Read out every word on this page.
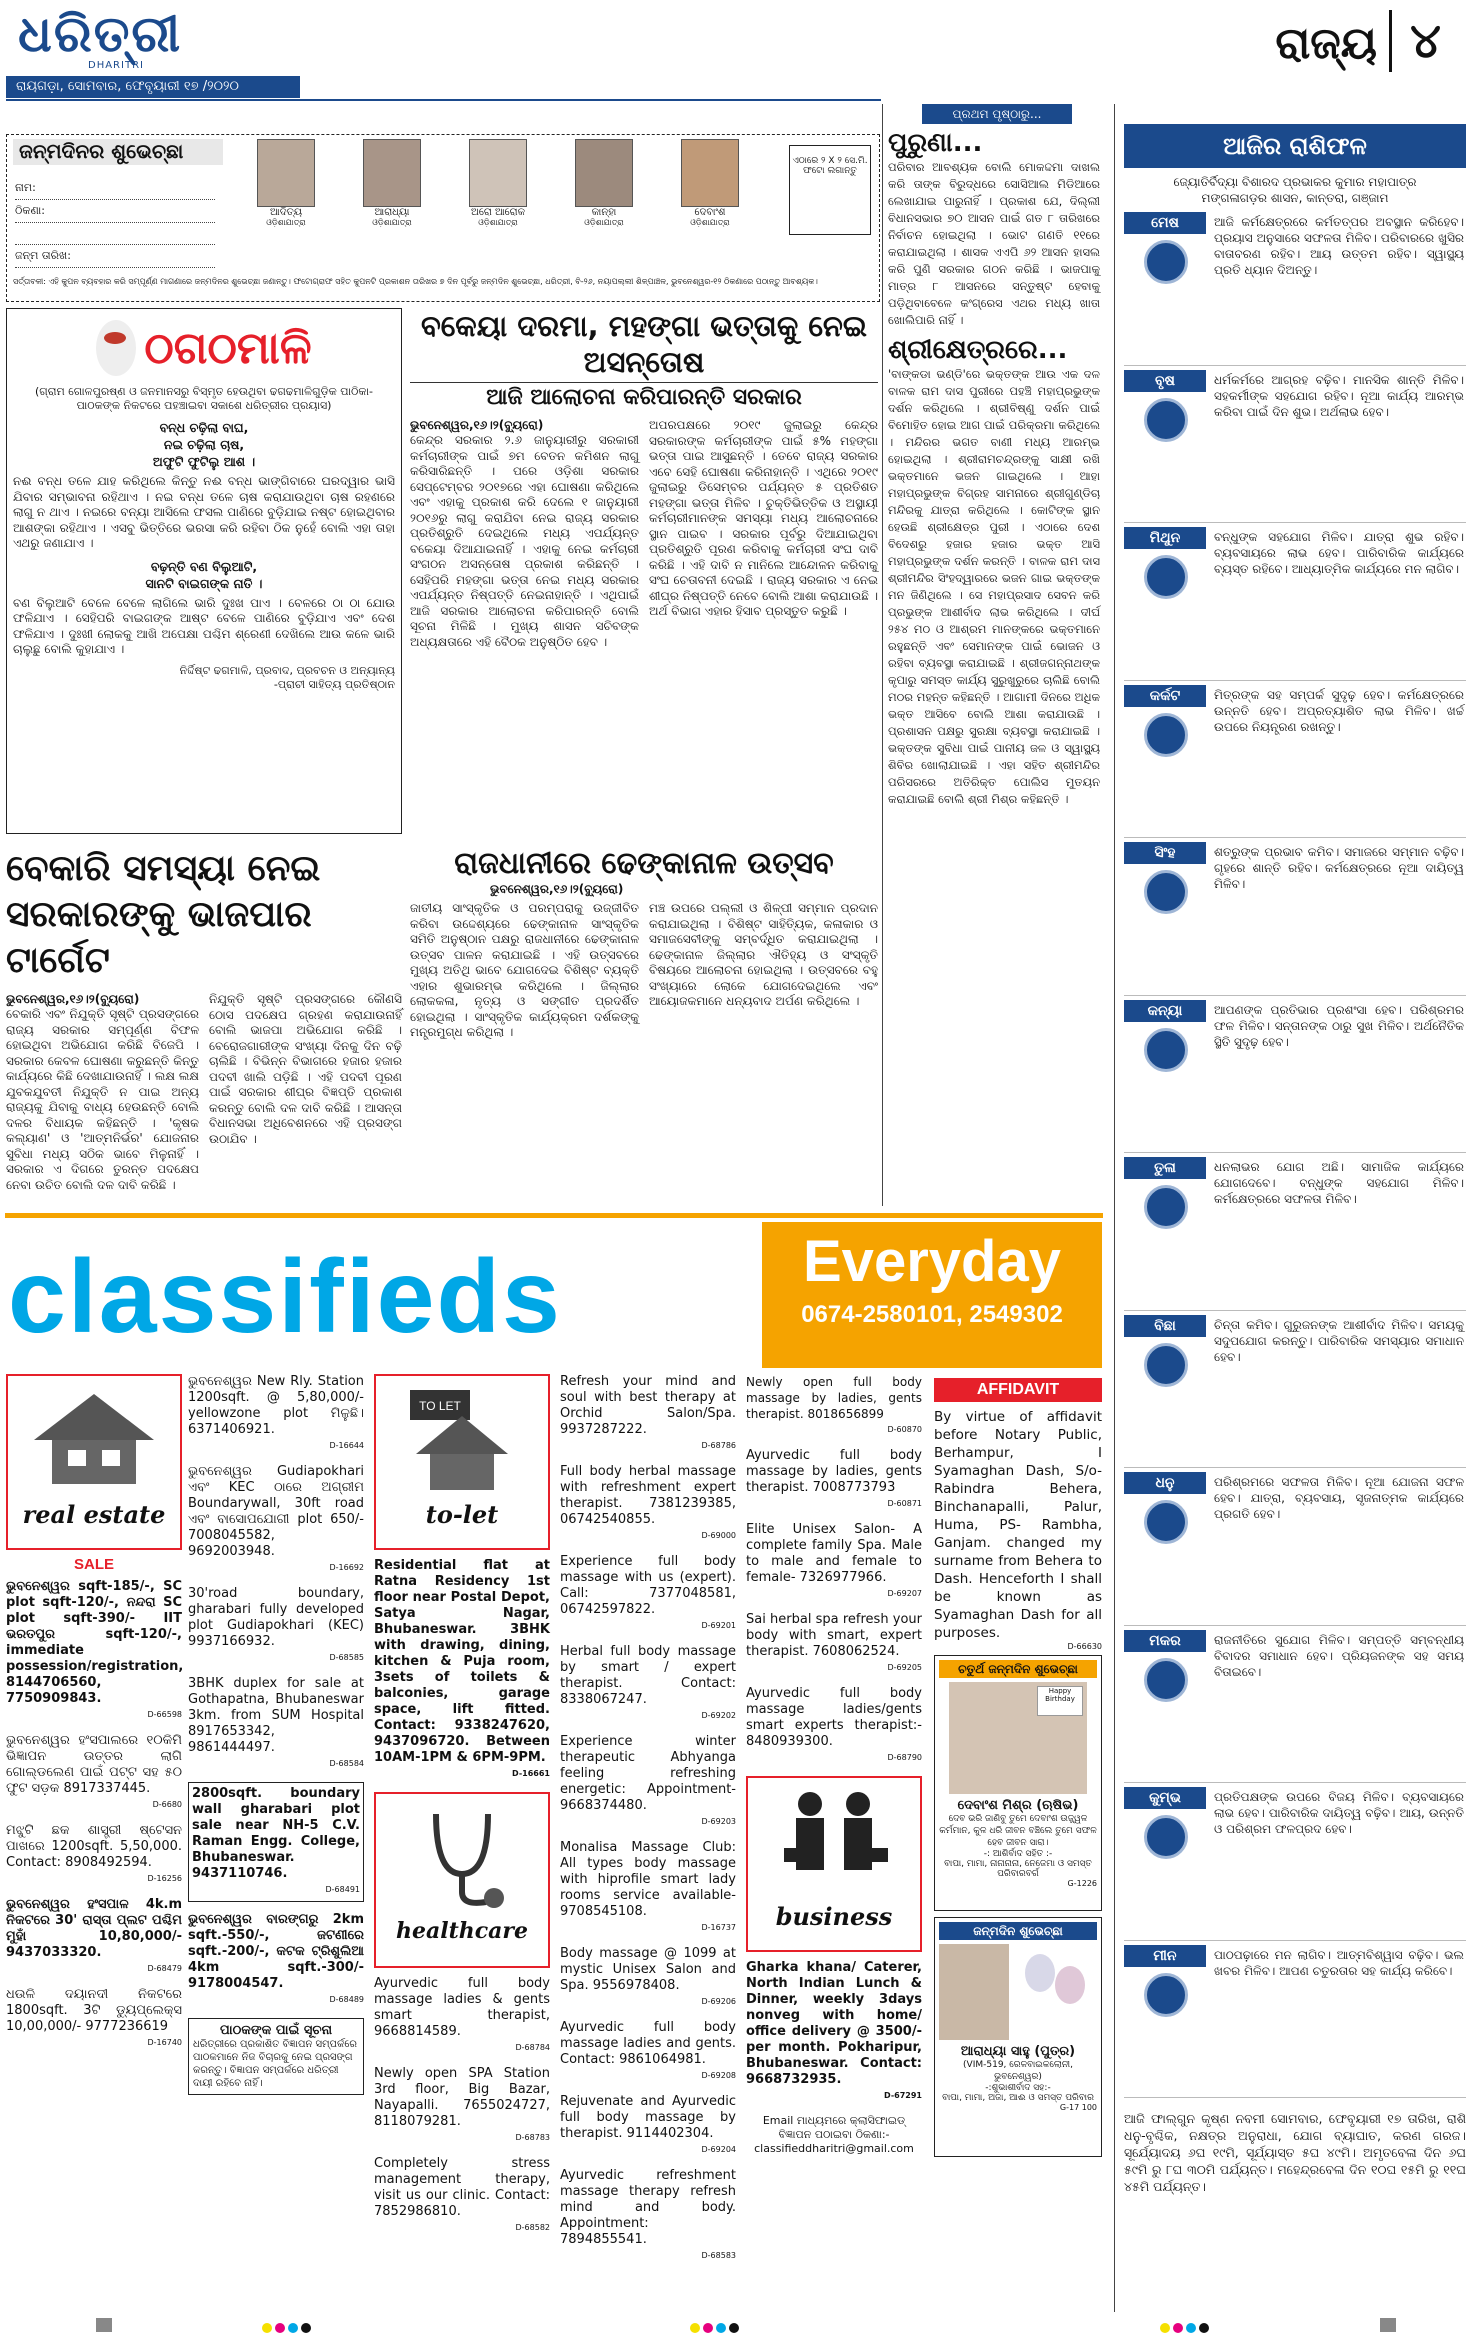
ଧରିତ୍ରୀ
DHARITRI
ରାୟଗଡ଼ା, ସୋମବାର, ଫେବୃୟାରୀ ୧୭ /୨୦୨୦
ରାଜ୍ୟ ୪
ଜନ୍ମଦିନର ଶୁଭେଚ୍ଛା
ନାମ:
ଠିକଣା:
ଜନ୍ମ ତାରିଖ:
ଆଦିତ୍ୟ
ଓଡ଼ିଶାଯାତ୍ରା
ଆରାଧ୍ୟା
ଓଡ଼ିଶାଯାତ୍ରା
ଅରୋ ଆରୋକ
ଓଡ଼ିଶାଯାତ୍ରା
କାନ୍ହା
ଓଡ଼ିଶାଯାତ୍ରା
ଦେବାଂଶ
ଓଡ଼ିଶାଯାତ୍ରା
ଏଠାରେ ୨ X ୨ ସେ.ମି. ଫଟୋ ଲଗାନ୍ତୁ
ସର୍ତ୍ତାବଳୀ: ଏହି କୁପନ ବ୍ୟବହାର କରି ସମ୍ପୂର୍ଣ୍ଣ ମାଗଣାରେ ଜନ୍ମଦିନର ଶୁଭେଚ୍ଛା ଜଣାନ୍ତୁ। ଫଟୋଗ୍ରାଫ ସହିତ କୁପନଟି ପ୍ରକାଶନ ତାରିଖର ୭ ଦିନ ପୂର୍ବରୁ ଜନ୍ମଦିନ ଶୁଭେଚ୍ଛା, ଧରିତ୍ରୀ, ବି-୨୬, ନୟାପଲ୍ଲୀ ଶିଳ୍ପାଞ୍ଚଳ, ଭୁବନେଶ୍ୱର-୧୨ ଠିକଣାରେ ପଠାନ୍ତୁ ଆବଶ୍ୟକ।
ପ୍ରଥମ ପୃଷ୍ଠାରୁ...
ପୁରୁଣା...
ପରିବାର ଆବଶ୍ୟକ ବୋଲି ମୋକଦ୍ଦମା ଦାଖଲ କରି ତାଙ୍କ ବିରୁଦ୍ଧରେ ସୋସିଆଲ ମିଡିଆରେ ଲେଖାଯାଇ ପାରୁନାହିଁ । ପ୍ରକାଶ ଯେ, ଦିଲ୍ଲୀ ବିଧାନସଭାର ୭୦ ଆସନ ପାଇଁ ଗତ ୮ ତାରିଖରେ ନିର୍ବାଚନ ହୋଇଥିଲା । ଭୋଟ ଗଣତି ୧୧ରେ କରାଯାଇଥିଲା । ଶାସକ ଏଏପି ୬୨ ଆସନ ହାସଲ କରି ପୁଣି ସରକାର ଗଠନ କରିଛି । ଭାଜପାକୁ ମାତ୍ର ୮ ଆସନରେ ସନ୍ତୁଷ୍ଟ ହେବାକୁ ପଡ଼ିଥିବାବେଳେ କଂଗ୍ରେସ ଏଥର ମଧ୍ୟ ଖାତା ଖୋଲିପାରି ନାହିଁ ।
ଶ୍ରୀକ୍ଷେତ୍ରରେ...
'ବାଙ୍କଡା ଭଣ୍ଡି'ରେ ଭକ୍ତଙ୍କ ଆଉ ଏକ ଦଳ ବାଳକ ରାମ ଦାସ ପୁରୀରେ ପହଞ୍ଚି ମହାପ୍ରଭୁଙ୍କ ଦର୍ଶନ କରିଥିଲେ । ଶ୍ରୀବିଷ୍ଣୁ ଦର୍ଶନ ପାଇଁ ବିମୋହିତ ହୋଇ ଆଗ ପାଇଁ ପରିକ୍ରମା କରିଥିଲେ । ମନ୍ଦିରର ଭଗତ ବାଣୀ ମଧ୍ୟ ଆରମ୍ଭ ହୋଇଥିଲା । ଶ୍ରୀରାମଚନ୍ଦ୍ରଙ୍କୁ ସାକ୍ଷୀ ରଖି ଭକ୍ତମାନେ ଭଜନ ଗାଇଥିଲେ । ଆହା ମହାପ୍ରଭୁଙ୍କ ବିଗ୍ରହ ସାମନାରେ ଶ୍ରୀଗୁଣ୍ଡିଚା ମନ୍ଦିରକୁ ଯାତ୍ରା କରିଥିଲେ । କୋଟିଙ୍କ ସ୍ଥାନ ହେଉଛି ଶ୍ରୀକ୍ଷେତ୍ର ପୁରୀ । ଏଠାରେ ଦେଶ ବିଦେଶରୁ ହଜାର ହଜାର ଭକ୍ତ ଆସି ମହାପ୍ରଭୁଙ୍କ ଦର୍ଶନ କରନ୍ତି । ବାଳକ ରାମ ଦାସ ଶ୍ରୀମନ୍ଦିର ସିଂହଦ୍ୱାରରେ ଭଜନ ଗାଇ ଭକ୍ତଙ୍କ ମନ ଜିଣିଥିଲେ । ସେ ମହାପ୍ରସାଦ ସେବନ କରି ପ୍ରଭୁଙ୍କ ଆଶୀର୍ବାଦ ଲାଭ କରିଥିଲେ । ଦୀର୍ଘ ୨୫୪ ମଠ ଓ ଆଶ୍ରମ ମାନଙ୍କରେ ଭକ୍ତମାନେ ରହୁଛନ୍ତି ଏବଂ ସେମାନଙ୍କ ପାଇଁ ଭୋଜନ ଓ ରହିବା ବ୍ୟବସ୍ଥା କରାଯାଇଛି । ଶ୍ରୀଜଗନ୍ନାଥଙ୍କ କୃପାରୁ ସମସ୍ତ କାର୍ଯ୍ୟ ସୁରୁଖୁରୁରେ ଚାଲିଛି ବୋଲି ମଠର ମହନ୍ତ କହିଛନ୍ତି । ଆଗାମୀ ଦିନରେ ଅଧିକ ଭକ୍ତ ଆସିବେ ବୋଲି ଆଶା କରାଯାଉଛି । ପ୍ରଶାସନ ପକ୍ଷରୁ ସୁରକ୍ଷା ବ୍ୟବସ୍ଥା କରାଯାଇଛି । ଭକ୍ତଙ୍କ ସୁବିଧା ପାଇଁ ପାନୀୟ ଜଳ ଓ ସ୍ୱାସ୍ଥ୍ୟ ଶିବିର ଖୋଲାଯାଇଛି । ଏହା ସହିତ ଶ୍ରୀମନ୍ଦିର ପରିସରରେ ଅତିରିକ୍ତ ପୋଲିସ ମୁତୟନ କରାଯାଇଛି ବୋଲି ଶ୍ରୀ ମିଶ୍ର କହିଛନ୍ତି ।
ଠଗଠମାଳି
(ଗ୍ରାମ ଗୋଳପୁରଷ୍ଣ ଓ ଜନମାନସରୁ ବିସ୍ମୃତ ହେଉଥିବା ଢଗଢମାଳିଗୁଡ଼ିକ ପାଠିକା-ପାଠକଙ୍କ ନିକଟରେ ପହଞ୍ଚାଇବା ସକାଶେ ଧରିତ୍ରୀର ପ୍ରୟାସ)
ବନ୍ଧ ଚଢ଼ିଲା ବାଘ,
ନଇ ଚଢ଼ିଲା ଚାଷ,
ଅଫୁଟି ଫୁଟିଲୁ ଆଶ ।
ନଈ ବନ୍ଧ ତଳେ ଯାହ କରିଥିଲେ କିନ୍ତୁ ନଈ ବନ୍ଧ ଭାଙ୍ଗିବାରେ ଘରଦ୍ୱାର ଭାସି ଯିବାର ସମ୍ଭାବନା ରହିଥାଏ । ନଇ ବନ୍ଧ ତଳେ ଚାଷ କରାଯାଉଥିବା ଚାଷ ରହଣରେ ଲାଗୁ ନ ଥାଏ । ନଇରେ ବନ୍ୟା ଆସିଲେ ଫସଲ ପାଣିରେ ବୁଡ଼ିଯାଇ ନଷ୍ଟ ହୋଇଥିବାର ଆଶଙ୍କା ରହିଥାଏ । ଏସବୁ ଭିତ୍ତିରେ ଭରସା କରି ରହିବା ଠିକ ନୁହେଁ ବୋଲି ଏହା ତାହା ଏଥରୁ ଜଣାଯାଏ ।
ବଢ଼ନ୍ତି ବଣ ବିଲୁଆଟି,
ସାନଟି ବାଇଗଙ୍କ ନାତି ।
ବଣ ବିଲୁଆଟି ବେଳେ ବେଳେ ଲାଗିଲେ ଭାରି ଦୁଃଖ ପାଏ । ବେଳରେ ଠା ଠା ଯୋଉ ଫଳିଯାଏ । ସେହିପରି ବାଇଗଙ୍କ ଆଷ୍ଟ ବେଳେ ପାଣିରେ ବୁଡ଼ିଯାଏ ଏବଂ ଦେଶ ଫଳିଯାଏ । ଦୁଃଖୀ ଲୋକକୁ ଆଖି ଅପେକ୍ଷା ପଶ୍ଚିମ ଶ୍ରେଣୀ ଦେଖିଲେ ଆଉ କଳେ ଭାରି ଚାଲୁଛୁ ବୋଲି କୁହାଯାଏ ।
ନିର୍ଦ୍ଦିଷ୍ଟ ଢଗମାଳି, ପ୍ରବାଦ, ପ୍ରବଚନ ଓ ଅନ୍ୟାନ୍ୟ
-ପ୍ରାଚୀ ସାହିତ୍ୟ ପ୍ରତିଷ୍ଠାନ
ବକେୟା ଦରମା, ମହଙ୍ଗା ଭତ୍ତାକୁ ନେଇ ଅସନ୍ତୋଷ
ଆଜି ଆଲୋଚନା କରିପାରନ୍ତି ସରକାର
ଭୁବନେଶ୍ୱର,୧୬।୨(ବ୍ୟୁରୋ)
କେନ୍ଦ୍ର ସରକାର ୨.୬ ଜାନୁୟାରୀରୁ ସରକାରୀ କର୍ମଚାରୀଙ୍କ ପାଇଁ ୭ମ ବେତନ କମିଶନ ଲାଗୁ କରିସାରିଛନ୍ତି । ପରେ ଓଡ଼ିଶା ସରକାର ସେପ୍ଟେମ୍ବର ୨୦୧୭ରେ ଏହା ଘୋଷଣା କରିଥିଲେ ଏବଂ ଏହାକୁ ପ୍ରକାଶ କରି ଦେଲେ ୧ ଜାନୁୟାରୀ ୨୦୧୬ରୁ ଲାଗୁ କରାଯିବା ନେଇ ରାଜ୍ୟ ସରକାର ପ୍ରତିଶ୍ରୁତି ଦେଇଥିଲେ ମଧ୍ୟ ଏପର୍ଯ୍ୟନ୍ତ ବକେୟା ଦିଆଯାଇନାହିଁ । ଏହାକୁ ନେଇ କର୍ମଚାରୀ ସଂଗଠନ ଅସନ୍ତୋଷ ପ୍ରକାଶ କରିଛନ୍ତି । ସେହିପରି ମହଙ୍ଗା ଭତ୍ତା ନେଇ ମଧ୍ୟ ସରକାର ଏପର୍ଯ୍ୟନ୍ତ ନିଷ୍ପତ୍ତି ନେଇନାହାନ୍ତି । ଏଥିପାଇଁ ଆଜି ସରକାର ଆଲୋଚନା କରିପାରନ୍ତି ବୋଲି ସୂଚନା ମିଳିଛି । ମୁଖ୍ୟ ଶାସନ ସଚିବଙ୍କ ଅଧ୍ୟକ୍ଷତାରେ ଏହି ବୈଠକ ଅନୁଷ୍ଠିତ ହେବ ।
ଅପରପକ୍ଷରେ ୨୦୧୯ ଜୁଲାଇରୁ କେନ୍ଦ୍ର ସରକାରଙ୍କ କର୍ମଚାରୀଙ୍କ ପାଇଁ ୫% ମହଙ୍ଗା ଭତ୍ତା ପାଇ ଆସୁଛନ୍ତି । ତେବେ ରାଜ୍ୟ ସରକାର ଏବେ ସେହି ଘୋଷଣା କରିନାହାନ୍ତି । ଏଥିରେ ୨୦୧୯ ଜୁଲାଇରୁ ଡିସେମ୍ବର ପର୍ଯ୍ୟନ୍ତ ୫ ପ୍ରତିଶତ ମହଙ୍ଗା ଭତ୍ତା ମିଳିବ । ଚୁକ୍ତିଭିତ୍ତିକ ଓ ଅସ୍ଥାୟୀ କର୍ମଚାରୀମାନଙ୍କ ସମସ୍ୟା ମଧ୍ୟ ଆଲୋଚନାରେ ସ୍ଥାନ ପାଇବ । ସରକାର ପୂର୍ବରୁ ଦିଆଯାଇଥିବା ପ୍ରତିଶ୍ରୁତି ପୂରଣ କରିବାକୁ କର୍ମଚାରୀ ସଂଘ ଦାବି କରିଛି । ଏହି ଦାବି ନ ମାନିଲେ ଆନ୍ଦୋଳନ କରିବାକୁ ସଂଘ ଚେତାବନୀ ଦେଇଛି । ରାଜ୍ୟ ସରକାର ଏ ନେଇ ଶୀଘ୍ର ନିଷ୍ପତ୍ତି ନେବେ ବୋଲି ଆଶା କରାଯାଉଛି । ଅର୍ଥ ବିଭାଗ ଏହାର ହିସାବ ପ୍ରସ୍ତୁତ କରୁଛି ।
ବେକାରି ସମସ୍ୟା ନେଇ ସରକାରଙ୍କୁ ଭାଜପାର ଟାର୍ଗେଟ
ଭୁବନେଶ୍ୱର,୧୬।୨(ବ୍ୟୁରୋ)
ବେକାରି ଏବଂ ନିଯୁକ୍ତି ସୃଷ୍ଟି ପ୍ରସଙ୍ଗରେ ରାଜ୍ୟ ସରକାର ସମ୍ପୂର୍ଣ୍ଣ ବିଫଳ ହୋଇଥିବା ଅଭିଯୋଗ କରିଛି ବିଜେପି । ସରକାର କେବଳ ଘୋଷଣା କରୁଛନ୍ତି କିନ୍ତୁ କାର୍ଯ୍ୟରେ କିଛି ଦେଖାଯାଉନାହିଁ । ଲକ୍ଷ ଲକ୍ଷ ଯୁବକଯୁବତୀ ନିଯୁକ୍ତି ନ ପାଇ ଅନ୍ୟ ରାଜ୍ୟକୁ ଯିବାକୁ ବାଧ୍ୟ ହେଉଛନ୍ତି ବୋଲି ଦଳର ବିଧାୟକ କହିଛନ୍ତି । 'କୃଷକ କଲ୍ୟାଣ' ଓ 'ଆତ୍ମନିର୍ଭର' ଯୋଜନାର ସୁବିଧା ମଧ୍ୟ ସଠିକ ଭାବେ ମିଳୁନାହିଁ । ସରକାର ଏ ଦିଗରେ ତୁରନ୍ତ ପଦକ୍ଷେପ ନେବା ଉଚିତ ବୋଲି ଦଳ ଦାବି କରିଛି ।
ନିଯୁକ୍ତି ସୃଷ୍ଟି ପ୍ରସଙ୍ଗରେ କୌଣସି ଠୋସ ପଦକ୍ଷେପ ଗ୍ରହଣ କରାଯାଉନାହିଁ ବୋଲି ଭାଜପା ଅଭିଯୋଗ କରିଛି । ବେରୋଜଗାରୀଙ୍କ ସଂଖ୍ୟା ଦିନକୁ ଦିନ ବଢ଼ି ଚାଲିଛି । ବିଭିନ୍ନ ବିଭାଗରେ ହଜାର ହଜାର ପଦବୀ ଖାଲି ପଡ଼ିଛି । ଏହି ପଦବୀ ପୂରଣ ପାଇଁ ସରକାର ଶୀଘ୍ର ବିଜ୍ଞପ୍ତି ପ୍ରକାଶ କରନ୍ତୁ ବୋଲି ଦଳ ଦାବି କରିଛି । ଆସନ୍ତା ବିଧାନସଭା ଅଧିବେଶନରେ ଏହି ପ୍ରସଙ୍ଗ ଉଠାଯିବ ।
ରାଜଧାନୀରେ ଢେଙ୍କାନାଳ ଉତ୍ସବ
ଭୁବନେଶ୍ୱର,୧୬।୨(ବ୍ୟୁରୋ)
ଜାତୀୟ ସାଂସ୍କୃତିକ ଓ ପରମ୍ପରାକୁ ଉଜ୍ଜୀବିତ କରିବା ଉଦ୍ଦେଶ୍ୟରେ ଢେଙ୍କାନାଳ ସାଂସ୍କୃତିକ ସମିତି ଅନୁଷ୍ଠାନ ପକ୍ଷରୁ ରାଜଧାନୀରେ ଢେଙ୍କାନାଳ ଉତ୍ସବ ପାଳନ କରାଯାଇଛି । ଏହି ଉତ୍ସବରେ ମୁଖ୍ୟ ଅତିଥି ଭାବେ ଯୋଗଦେଇ ବିଶିଷ୍ଟ ବ୍ୟକ୍ତି ଏହାର ଶୁଭାରମ୍ଭ କରିଥିଲେ । ଜିଲ୍ଲାର ଲୋକକଳା, ନୃତ୍ୟ ଓ ସଙ୍ଗୀତ ପ୍ରଦର୍ଶିତ ହୋଇଥିଲା । ସାଂସ୍କୃତିକ କାର୍ଯ୍ୟକ୍ରମ ଦର୍ଶକଙ୍କୁ ମନ୍ତ୍ରମୁଗ୍ଧ କରିଥିଲା ।
ମଞ୍ଚ ଉପରେ ପଲ୍ଲୀ ଓ ଶିଳ୍ପୀ ସମ୍ମାନ ପ୍ରଦାନ କରାଯାଇଥିଲା । ବିଶିଷ୍ଟ ସାହିତ୍ୟିକ, କଳାକାର ଓ ସମାଜସେବୀଙ୍କୁ ସମ୍ବର୍ଦ୍ଧିତ କରାଯାଇଥିଲା । ଢେଙ୍କାନାଳ ଜିଲ୍ଲାର ଐତିହ୍ୟ ଓ ସଂସ୍କୃତି ବିଷୟରେ ଆଲୋଚନା ହୋଇଥିଲା । ଉତ୍ସବରେ ବହୁ ସଂଖ୍ୟାରେ ଲୋକେ ଯୋଗଦେଇଥିଲେ ଏବଂ ଆୟୋଜକମାନେ ଧନ୍ୟବାଦ ଅର୍ପଣ କରିଥିଲେ ।
classifieds	Everyday
0674-2580101, 2549302
real estate
SALE
ଭୁବନେଶ୍ୱର sqft-185/-, SC plot sqft-120/-, ନନ୍ଦରା SC plot sqft-390/- IIT ଭରତପୁର sqft-120/-, immediate possession/registration, 8144706560, 7750909843.
D-66598
ଭୁବନେଶ୍ୱର ହଂସପାଲରେ ୧୦କିମି ଭିଜ୍ଞାପନ ଉତ୍ତର ଲାଗି ଗୋଲ୍ଡଲେଣ ପାଇଁ ପଟ୍ଟ ସହ ୫୦ ଫୁଟ ସଡ଼କ 8917337445.
D-6680
ମଝୁଟି ଛକ ଶାସ୍ତ୍ରୀ ଷ୍ଟେସନ ପାଖରେ 1200sqft. 5,50,000. Contact: 8908492594.
D-16256
ଭୁବନେଶ୍ୱର ହଂସପାଳ 4k.m ନିକଟରେ 30' ରାସ୍ତା ପ୍ଲଟ ପଶ୍ଚିମ ମୁହାଁ 10,80,000/- 9437033320.
D-68479
ଧଉଳି ଦୟାନଦୀ ନିକଟରେ 1800sqft. 3ଟି ଡ୍ୟୁପ୍ଲେକ୍ସ 10,00,000/- 9777236619
D-16740
ଭୁବନେଶ୍ୱର New Rly. Station 1200sqft. @ 5,80,000/- yellowzone plot ମିଳୁଛି। 6371406921.
D-16644
ଭୁବନେଶ୍ୱର Gudiapokhari ଏବଂ KEC ଠାରେ ଅଗ୍ରୀମ Boundarywall, 30ft road ଏବଂ ବାସୋପଯୋଗୀ plot 650/- 7008045582, 9692003948.
D-16692
30'road boundary, gharabari fully developed plot Gudiapokhari (KEC) 9937166932.
D-68585
3BHK duplex for sale at Gothapatna, Bhubaneswar 3km. from SUM Hospital 8917653342, 9861444497.
D-68584
2800sqft. boundary wall gharabari plot sale near NH-5 C.V. Raman Engg. College, Bhubaneswar. 9437110746.
D-68491
ଭୁବନେଶ୍ୱର ବାରଙ୍ଗରୁ 2km sqft.-550/-, ଜଟଣୀରେ sqft.-200/-, କଟକ ଟ୍ରିଶୁଲିଆ 4km sqft.-300/- 9178004547.
D-68489
ପାଠକଙ୍କ ପାଇଁ ସୂଚନା
ଧରିତ୍ରୀରେ ପ୍ରକାଶିତ ବିଜ୍ଞାପନ ସମ୍ପର୍କରେ ପାଠକମାନେ ନିଜ ବିଚାରକୁ ନେଇ ପ୍ରସଙ୍ଗ କରନ୍ତୁ। ବିଜ୍ଞାପନ ସମ୍ପର୍କରେ ଧରିତ୍ରୀ ଦାୟୀ ରହିବେ ନାହିଁ।
TO LET
to-let
Residential flat at Ratna Residency 1st floor near Postal Depot, Satya Nagar, Bhubaneswar. 3BHK with drawing, dining, kitchen & Puja room, 3sets of toilets & balconies, garage space, lift fitted. Contact: 9338247620, 9437096720. Between 10AM-1PM & 6PM-9PM.
D-16661
healthcare
Ayurvedic full body massage ladies & gents smart therapist, 9668814589.
D-68784
Newly open SPA Station 3rd floor, Big Bazar, Nayapalli. 7655024727, 8118079281.
D-68783
Completely stress management therapy, visit us our clinic. Contact: 7852986810.
D-68582
Refresh your mind and soul with best therapy at Orchid Salon/Spa. 9937287222.
D-68786
Full body herbal massage with refreshment expert therapist. 7381239385, 06742540855.
D-69000
Experience full body massage with us (expert). Call: 7377048581, 06742597822.
D-69201
Herbal full body massage by smart / expert therapist. Contact: 8338067247.
D-69202
Experience winter therapeutic Abhyanga feeling refreshing energetic: Appointment- 9668374480.
D-69203
Monalisa Massage Club: All types body massage with hiprofile smart lady rooms service available- 9708545108.
D-16737
Body massage @ 1099 at mystic Unisex Salon and Spa. 9556978408.
D-69206
Ayurvedic full body massage ladies and gents. Contact: 9861064981.
D-69208
Rejuvenate and Ayurvedic full body massage by therapist. 9114402304.
D-69204
Ayurvedic refreshment massage therapy refresh mind and body. Appointment: 7894855541.
D-68583
Newly open full body massage by ladies, gents therapist. 8018656899
D-60870
Ayurvedic full body massage by ladies, gents therapist. 7008773793
D-60871
Elite Unisex Salon- A complete family Spa. Male to male and female to female- 7326977966.
D-69207
Sai herbal spa refresh your body with smart, expert therapist. 7608062524.
D-69205
Ayurvedic full body massage ladies/gents smart experts therapist:- 8480939300.
D-68790
business
Gharka khana/ Caterer, North Indian Lunch & Dinner, weekly 3days nonveg with home/ office delivery @ 3500/- per month. Pokharipur, Bhubaneswar. Contact: 9668732935.
D-67291
Email ମାଧ୍ୟମରେ କ୍ଲାସିଫାଇଡ୍ ବିଜ୍ଞାପନ ପଠାଇବା ଠିକଣା:-
classifieddharitri@gmail.com
AFFIDAVIT
By virtue of affidavit before Notary Public, Berhampur, I Syamaghan Dash, S/o- Rabindra Behera, Binchanapalli, Palur, Huma, PS- Rambha, Ganjam. changed my surname from Behera to Dash. Henceforth I shall be known as Syamaghan Dash for all purposes.
D-66630
ଚତୁର୍ଥ ଜନ୍ମଦିନ ଶୁଭେଚ୍ଛା
Happy Birthday
ଦେବାଂଶ ମିଶ୍ର (ଋଷିଭ)
ଦେବ ଭରି ଜାଣିବୁ ତୁମେ ଦେବାଂଶ ଉଜ୍ଜ୍ୱଳ କର୍ମମାନ, କୁଳ ଧରି ଜୀବନ ବଞ୍ଚିଲେ ତୁମେ ସଫଳ ହେବ ଜୀବନ ସାରା।
-: ଆଶିର୍ବାଦ ସହିତ :-
ବାପା, ମାମା, ନାନାନାନା, ନେଜେମା ଓ ସମସ୍ତ ପରିବାରବର୍ଗ
G-1226
ଜନ୍ମଦିନ ଶୁଭେଚ୍ଛା
ଆରାଧ୍ୟା ସାହୁ (ପୁତ୍ର)
(VIM-519, ରେଳବାଇକଲୋନୀ, ଭୁବନେଶ୍ୱର)
-:ଶୁଭାଶୀର୍ବାଦ ସହ:-
ବାପା, ମାମା, ଅଜା, ଆଈ ଓ ସମସ୍ତ ପରିବାର
G-17 100
ଆଜିର ରାଶିଫଳ
ଜ୍ୟୋତିର୍ବିଦ୍ୟା ବିଶାରଦ ପ୍ରଭାକର କୁମାର ମହାପାତ୍ର
ମଙ୍ଗଳାଗଡ଼ର ଶାସନ, କାନ୍ତରା, ଗଞ୍ଜାମ
ମେଷ	ଆଜି କର୍ମକ୍ଷେତ୍ରରେ କର୍ମତତ୍ପର ଅବସ୍ଥାନ କରିହେବ। ପ୍ରୟାସ ଅନୁସାରେ ସଫଳତା ମିଳିବ। ପରିବାରରେ ଖୁସିର ବାତାବରଣ ରହିବ। ଆୟ ଉତ୍ତମ ରହିବ। ସ୍ୱାସ୍ଥ୍ୟ ପ୍ରତି ଧ୍ୟାନ ଦିଅନ୍ତୁ।
ବୃଷ	ଧର୍ମକର୍ମରେ ଆଗ୍ରହ ବଢ଼ିବ। ମାନସିକ ଶାନ୍ତି ମିଳିବ। ସହକର୍ମୀଙ୍କ ସହଯୋଗ ରହିବ। ନୂଆ କାର୍ଯ୍ୟ ଆରମ୍ଭ କରିବା ପାଇଁ ଦିନ ଶୁଭ। ଅର୍ଥଲାଭ ହେବ।
ମିଥୁନ	ବନ୍ଧୁଙ୍କ ସହଯୋଗ ମିଳିବ। ଯାତ୍ରା ଶୁଭ ରହିବ। ବ୍ୟବସାୟରେ ଲାଭ ହେବ। ପାରିବାରିକ କାର୍ଯ୍ୟରେ ବ୍ୟସ୍ତ ରହିବେ। ଆଧ୍ୟାତ୍ମିକ କାର୍ଯ୍ୟରେ ମନ ଲାଗିବ।
କର୍କଟ	ମିତ୍ରଙ୍କ ସହ ସମ୍ପର୍କ ସୁଦୃଢ଼ ହେବ। କର୍ମକ୍ଷେତ୍ରରେ ଉନ୍ନତି ହେବ। ଅପ୍ରତ୍ୟାଶିତ ଲାଭ ମିଳିବ। ଖର୍ଚ୍ଚ ଉପରେ ନିୟନ୍ତ୍ରଣ ରଖନ୍ତୁ।
ସିଂହ	ଶତ୍ରୁଙ୍କ ପ୍ରଭାବ କମିବ। ସମାଜରେ ସମ୍ମାନ ବଢ଼ିବ। ଗୃହରେ ଶାନ୍ତି ରହିବ। କର୍ମକ୍ଷେତ୍ରରେ ନୂଆ ଦାୟିତ୍ୱ ମିଳିବ।
କନ୍ୟା	ଆପଣଙ୍କ ପ୍ରତିଭାର ପ୍ରଶଂସା ହେବ। ପରିଶ୍ରମର ଫଳ ମିଳିବ। ସନ୍ତାନଙ୍କ ଠାରୁ ସୁଖ ମିଳିବ। ଅର୍ଥନୈତିକ ସ୍ଥିତି ସୁଦୃଢ଼ ହେବ।
ତୁଳା	ଧନଲାଭର ଯୋଗ ଅଛି। ସାମାଜିକ କାର୍ଯ୍ୟରେ ଯୋଗଦେବେ। ବନ୍ଧୁଙ୍କ ସହଯୋଗ ମିଳିବ। କର୍ମକ୍ଷେତ୍ରରେ ସଫଳତା ମିଳିବ।
ବିଛା	ଚିନ୍ତା କମିବ। ଗୁରୁଜନଙ୍କ ଆଶୀର୍ବାଦ ମିଳିବ। ସମୟକୁ ସଦୁପଯୋଗ କରନ୍ତୁ। ପାରିବାରିକ ସମସ୍ୟାର ସମାଧାନ ହେବ।
ଧନୁ	ପରିଶ୍ରମରେ ସଫଳତା ମିଳିବ। ନୂଆ ଯୋଜନା ସଫଳ ହେବ। ଯାତ୍ରା, ବ୍ୟବସାୟ, ସୃଜନାତ୍ମକ କାର୍ଯ୍ୟରେ ପ୍ରଗତି ହେବ।
ମକର	ରାଜନୀତିରେ ସୁଯୋଗ ମିଳିବ। ସମ୍ପତ୍ତି ସମ୍ବନ୍ଧୀୟ ବିବାଦର ସମାଧାନ ହେବ। ପ୍ରିୟଜନଙ୍କ ସହ ସମୟ ବିତାଇବେ।
କୁମ୍ଭ	ପ୍ରତିପକ୍ଷଙ୍କ ଉପରେ ବିଜୟ ମିଳିବ। ବ୍ୟବସାୟରେ ଲାଭ ହେବ। ପାରିବାରିକ ଦାୟିତ୍ୱ ବଢ଼ିବ। ଆୟ, ଉନ୍ନତି ଓ ପରିଶ୍ରମ ଫଳପ୍ରଦ ହେବ।
ମୀନ	ପାଠପଢ଼ାରେ ମନ ଲାଗିବ। ଆତ୍ମବିଶ୍ୱାସ ବଢ଼ିବ। ଭଲ ଖବର ମିଳିବ। ଆପଣ ଚତୁରତାର ସହ କାର୍ଯ୍ୟ କରିବେ।
ଆଜି ଫାଲ୍ଗୁନ କୃଷ୍ଣ ନବମୀ ସୋମବାର, ଫେବୃୟାରୀ ୧୭ ତାରିଖ, ରାଶି ଧନୁ-ବୃଶ୍ଚିକ, ନକ୍ଷତ୍ର ଅନୁରାଧା, ଯୋଗ ବ୍ୟାଘାତ, କରଣ ଗରଜ। ସୂର୍ଯ୍ୟୋଦୟ ୬ଘ ୧୯ମି, ସୂର୍ଯ୍ୟାସ୍ତ ୫ଘ ୪୯ମି। ଅମୃତବେଳା ଦିନ ୬ଘ ୫୯ମି ରୁ ୮ଘ ୩୦ମି ପର୍ଯ୍ୟନ୍ତ। ମହେନ୍ଦ୍ରବେଳା ଦିନ ୧୦ଘ ୧୫ମି ରୁ ୧୧ଘ ୪୫ମି ପର୍ଯ୍ୟନ୍ତ।
